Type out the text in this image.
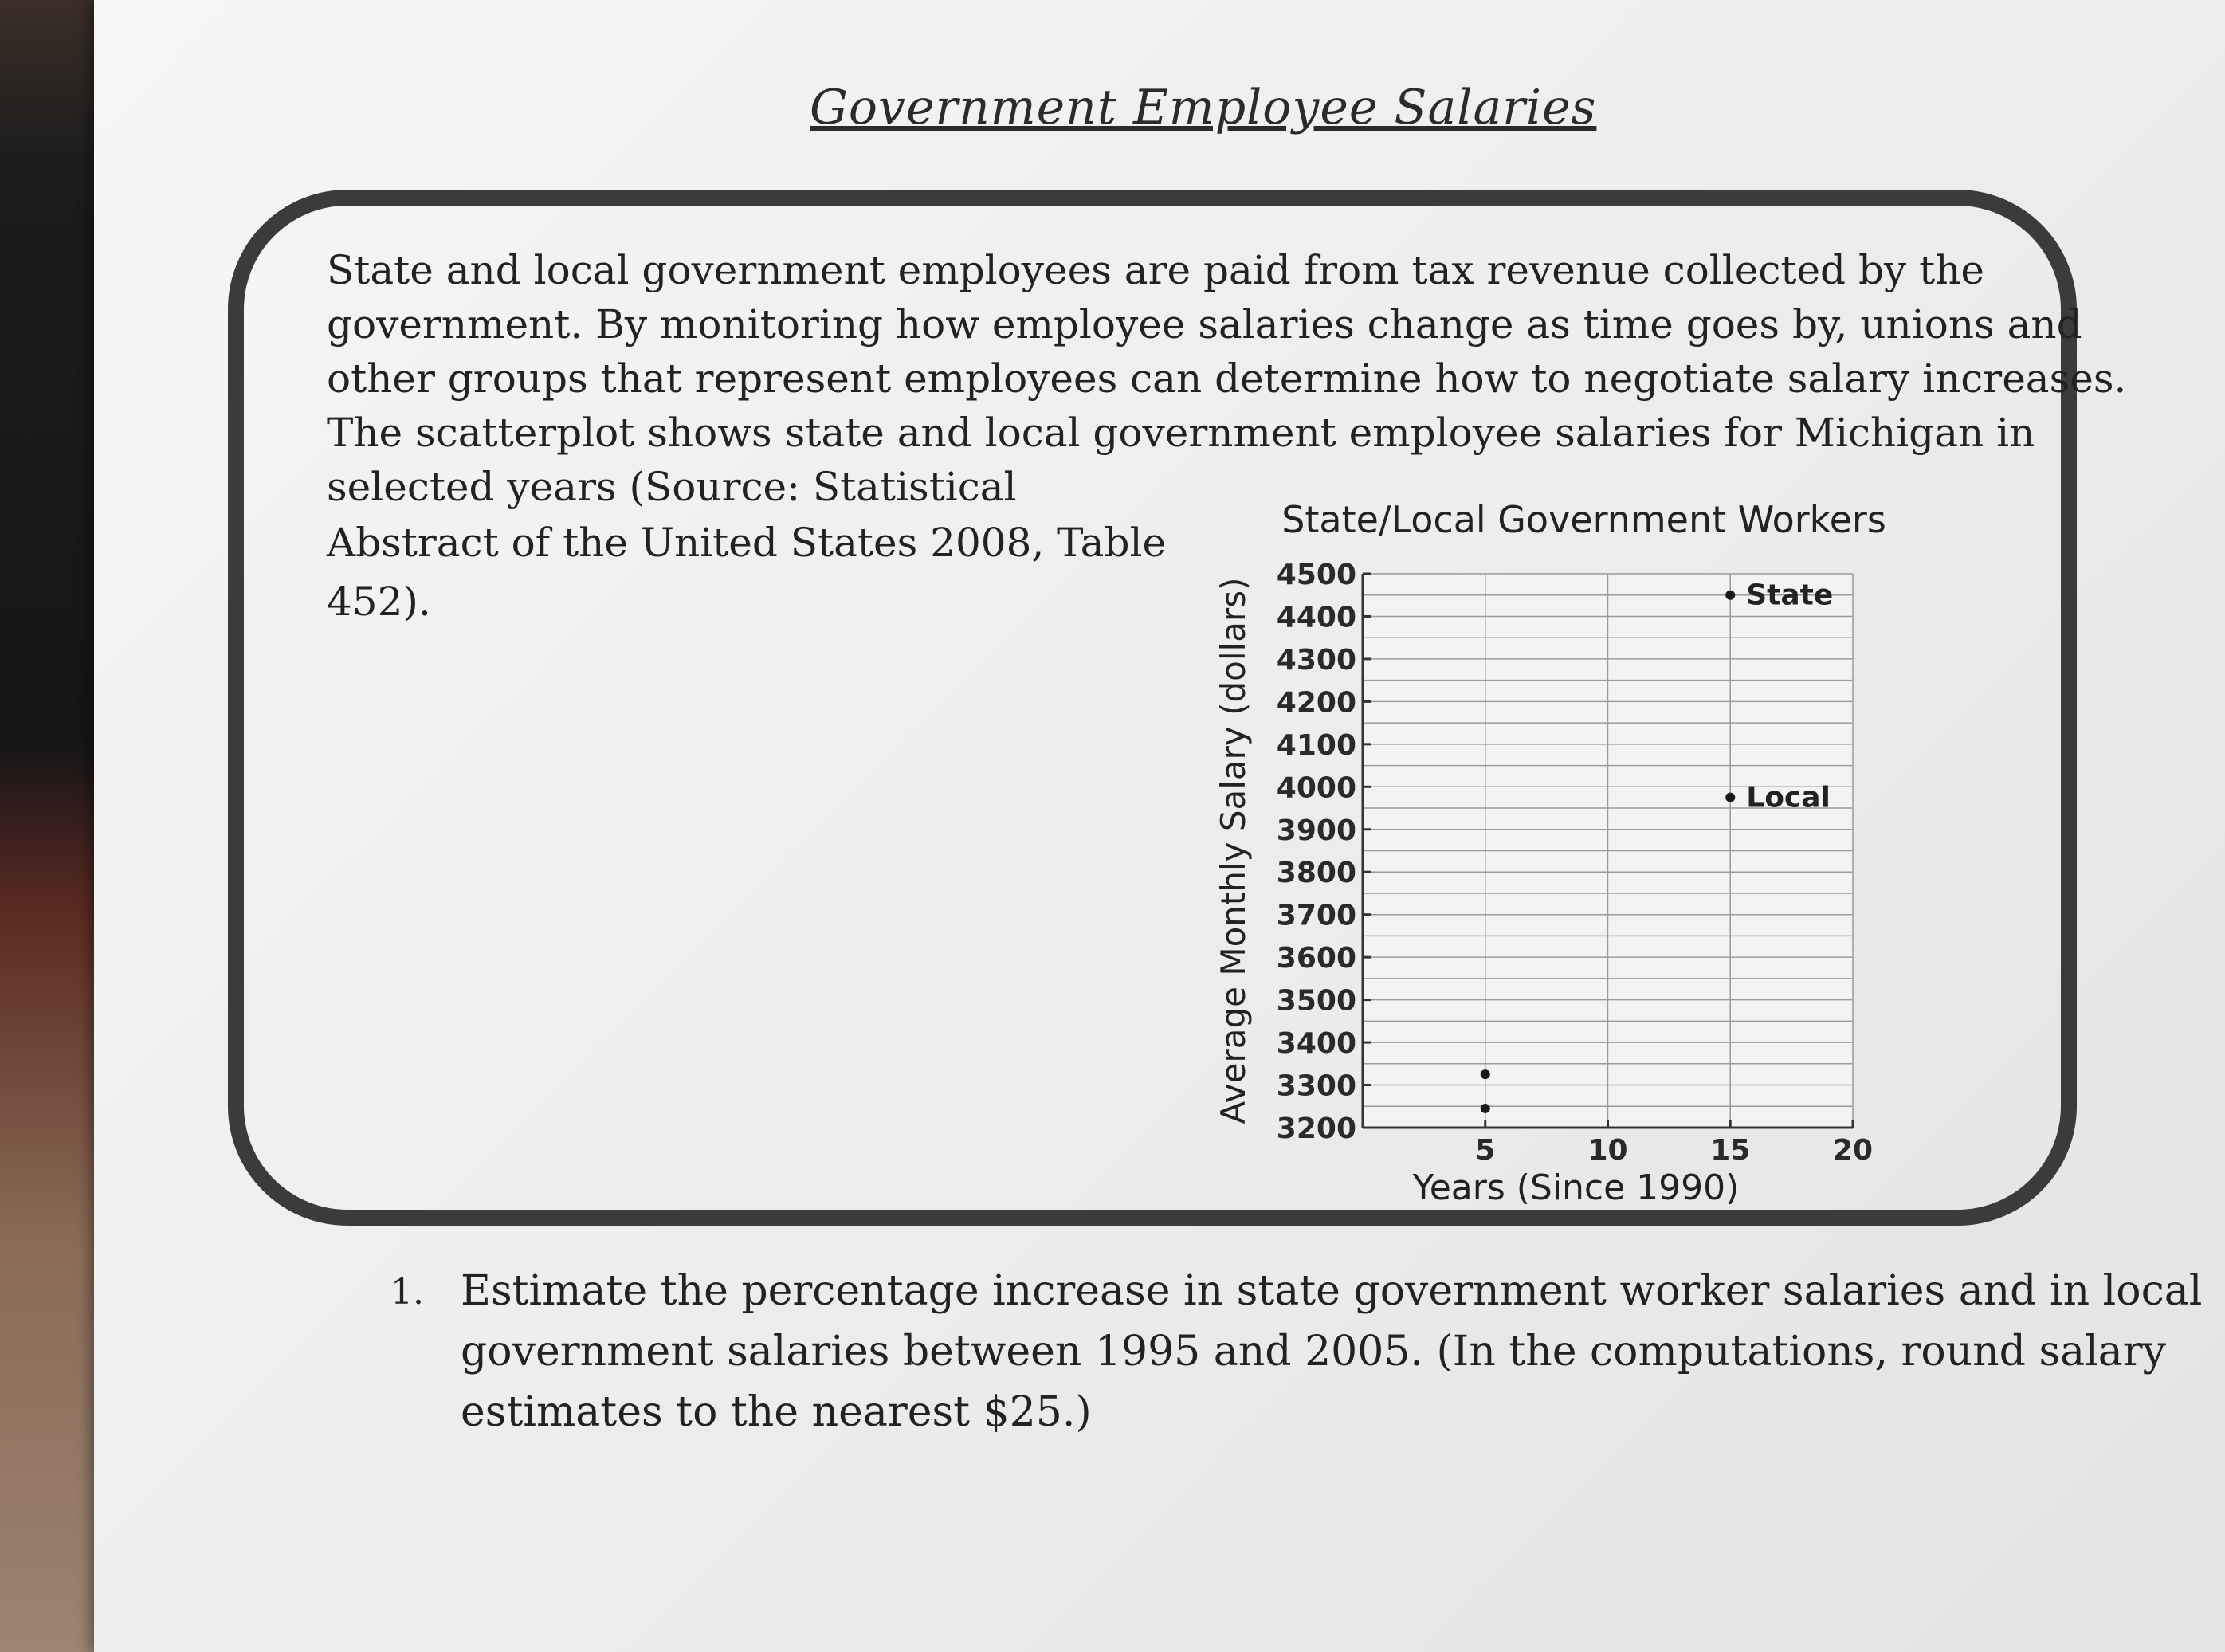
Government Employee Salaries
State and local government employees are paid from tax revenue collected by the
government. By monitoring how employee salaries change as time goes by, unions and
other groups that represent employees can determine how to negotiate salary increases.
The scatterplot shows state and local government employee salaries for Michigan in
selected years (Source: Statistical
Abstract of the United States 2008, Table
452).
State/Local Government Workers
3200
3300
3400
3500
3600
3700
3800
3900
4000
4100
4200
4300
4400
4500
5	10	15	20
Years (Since 1990)
Average Monthly Salary (dollars)	State
Local
1. Estimate the percentage increase in state government worker salaries and in local
government salaries between 1995 and 2005. (In the computations, round salary
estimates to the nearest $25.)
